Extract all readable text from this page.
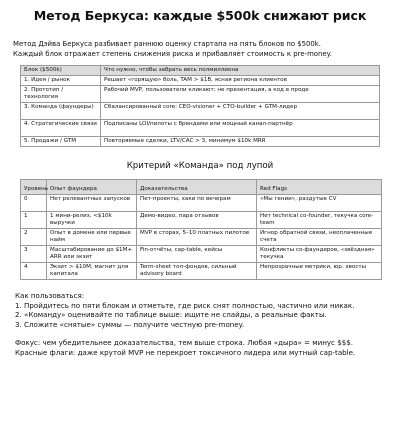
Метод Беркуса: каждые $500k снижают риск
Метод Дэйва Беркуса разбивает раннюю оценку стартапа на пять блоков по $500k.
Каждый блок отражает степень снижения риска и прибавляет стоимость к pre-money.
Блок ($500k)	Что нужно, чтобы забрать весь полмиллиона
1. Идея / рынок	Решает «горящую» боль, TAM > $1B, ясная регионa клиентов
2. Прототип / технология	Рабочий MVP, пользователи кликают; не презентация, а код в проде
3. Команда (фаундеры)	Сбалансированный core: CEO-visioner + CTO-builder + GTM-лидер
4. Стратегические связи	Подписаны LOI/пилоты с брендами или мощный канал-партнёр
5. Продажи / GTM	Повторяемые сделки, LTV/CAC > 3, минимум $10k MRR
Критерий «Команда» под лупой
Уровень	Опыт фаундера	Доказательства	Red Flags
0	Нет релевантных запусков	Пет-проекты, хаки по вечерам	«Мы гении», раздутые CV
1	1 мини-релиз, <$10k выручки	Демо-видео, пара отзывов	Нет technical co-founder, текучка core-team
2	Опыт в домене или первые найм	MVP в сторах, 5–10 платных пилотов	Игнор обратной связи, неоплаченные счета
3	Масштабирование до $1M+ ARR или экзит	Fin-отчёты, cap-table, кейсы	Конфликты со-фаундеров, «звёздная» текучка
4	Экзит > $10M, магнит для капитала	Term-sheet топ-фондов, сильный advisory board	Непрозрачные метрики, юр. хвосты
Как пользоваться:
1. Пройдитесь по пяти блокам и отметьте, где риск снят полностью, частично или никак.
2. «Команду» оценивайте по таблице выше: ищите не слайды, а реальные факты.
3. Сложите «снятые» суммы — получите честную pre-money.
Фокус: чем убедительнее доказательства, тем выше строка. Любая «дыра» = минус $$$.
Красные флаги: даже крутой MVP не перекроет токсичного лидера или мутный cap-table.
